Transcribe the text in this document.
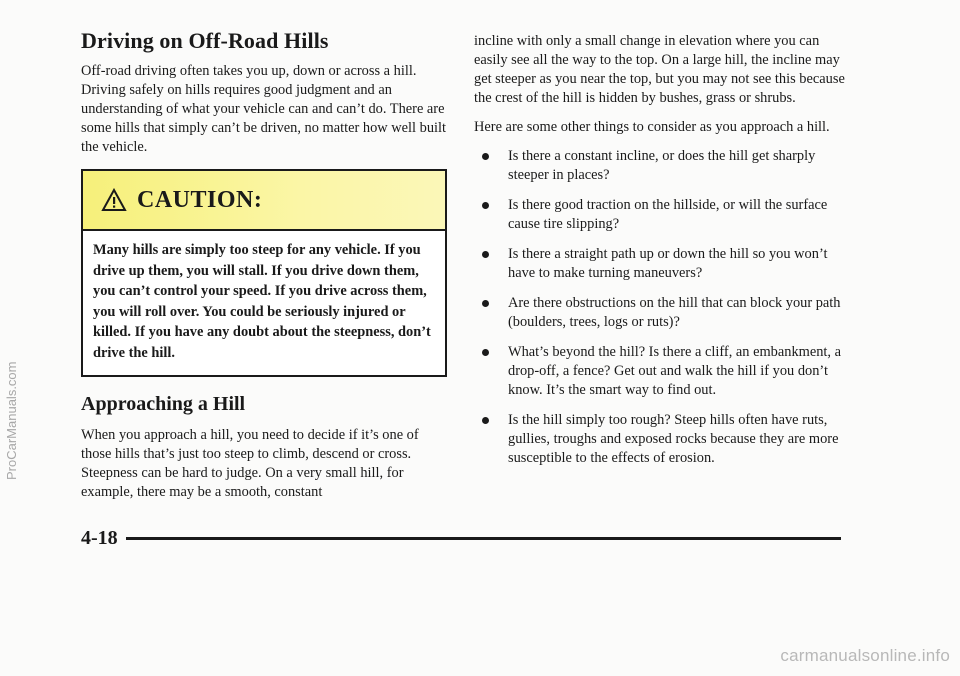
Driving on Off-Road Hills

Off-road driving often takes you up, down or across a hill. Driving safely on hills requires good judgment and an understanding of what your vehicle can and can’t do. There are some hills that simply can’t be driven, no matter how well built the vehicle.

CAUTION:
Many hills are simply too steep for any vehicle. If you drive up them, you will stall. If you drive down them, you can’t control your speed. If you drive across them, you will roll over. You could be seriously injured or killed. If you have any doubt about the steepness, don’t drive the hill.
Approaching a Hill

When you approach a hill, you need to decide if it’s one of those hills that’s just too steep to climb, descend or cross. Steepness can be hard to judge. On a very small hill, for example, there may be a smooth, constant

incline with only a small change in elevation where you can easily see all the way to the top. On a large hill, the incline may get steeper as you near the top, but you may not see this because the crest of the hill is hidden by bushes, grass or shrubs.

Here are some other things to consider as you approach a hill.

Is there a constant incline, or does the hill get sharply steeper in places?
Is there good traction on the hillside, or will the surface cause tire slipping?
Is there a straight path up or down the hill so you won’t have to make turning maneuvers?
Are there obstructions on the hill that can block your path (boulders, trees, logs or ruts)?
What’s beyond the hill? Is there a cliff, an embankment, a drop-off, a fence? Get out and walk the hill if you don’t know. It’s the smart way to find out.
Is the hill simply too rough? Steep hills often have ruts, gullies, troughs and exposed rocks because they are more susceptible to the effects of erosion.
4-18
ProCarManuals.com
carmanualsonline.info
